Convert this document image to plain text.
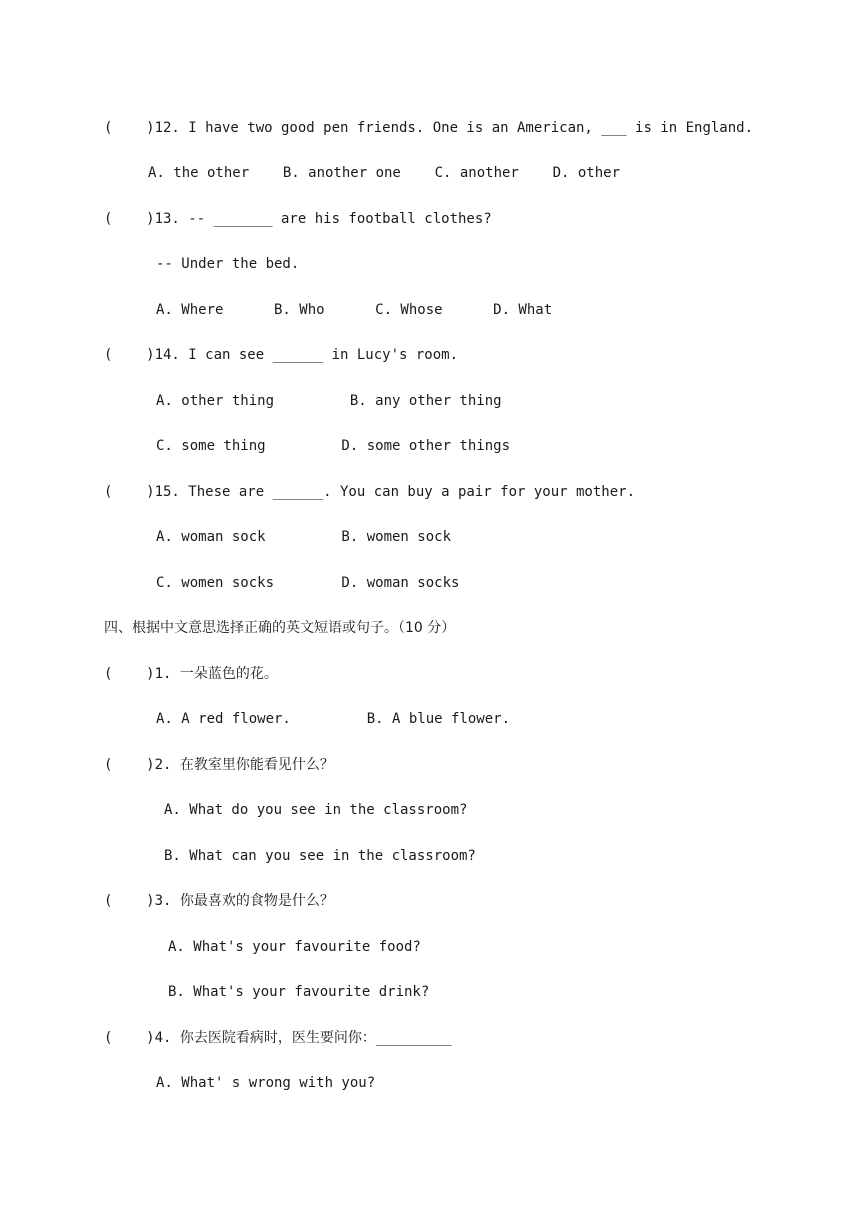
(    )12. I have two good pen friends. One is an American, ___ is in England.
A. the other    B. another one    C. another    D. other
(    )13. -- _______ are his football clothes?
-- Under the bed.
A. Where      B. Who      C. Whose      D. What
(    )14. I can see ______ in Lucy's room.
A. other thing         B. any other thing
C. some thing         D. some other things
(    )15. These are ______. You can buy a pair for your mother.
A. woman sock         B. women sock
C. women socks        D. woman socks
四、根据中文意思选择正确的英文短语或句子。（10 分）
(    )1. 一朵蓝色的花。
A. A red flower.         B. A blue flower.
(    )2. 在教室里你能看见什么？
A. What do you see in the classroom?
B. What can you see in the classroom?
(    )3. 你最喜欢的食物是什么？
A. What's your favourite food?
B. What's your favourite drink?
(    )4. 你去医院看病时，医生要问你：_________
A. What' s wrong with you?
